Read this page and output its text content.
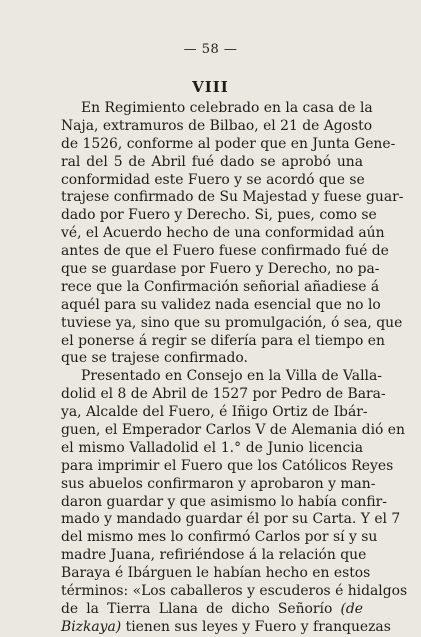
— 58 —
VIII
En Regimiento celebrado en la casa de la
Naja, extramuros de Bilbao, el 21 de Agosto
de 1526, conforme al poder que en Junta Gene-
ral del 5 de Abril fué dado se aprobó una
conformidad este Fuero y se acordó que se
trajese confirmado de Su Majestad y fuese guar-
dado por Fuero y Derecho. Si, pues, como se
vé, el Acuerdo hecho de una conformidad aún
antes de que el Fuero fuese confirmado fué de
que se guardase por Fuero y Derecho, no pa-
rece que la Confirmación señorial añadiese á
aquél para su validez nada esencial que no lo
tuviese ya, sino que su promulgación, ó sea, que
el ponerse á regir se difería para el tiempo en
que se trajese confirmado.
Presentado en Consejo en la Villa de Valla-
dolid el 8 de Abril de 1527 por Pedro de Bara-
ya, Alcalde del Fuero, é Iñigo Ortiz de Ibár-
guen, el Emperador Carlos V de Alemania dió en
el mismo Valladolid el 1.° de Junio licencia
para imprimir el Fuero que los Católicos Reyes
sus abuelos confirmaron y aprobaron y man-
daron guardar y que asimismo lo había confir-
mado y mandado guardar él por su Carta. Y el 7
del mismo mes lo confirmó Carlos por sí y su
madre Juana, refiriéndose á la relación que
Baraya é Ibárguen le habían hecho en estos
términos: «Los caballeros y escuderos é hidalgos
de la Tierra Llana de dicho Señorío (de
Bizkaya) tienen sus leyes y Fuero y franquezas
